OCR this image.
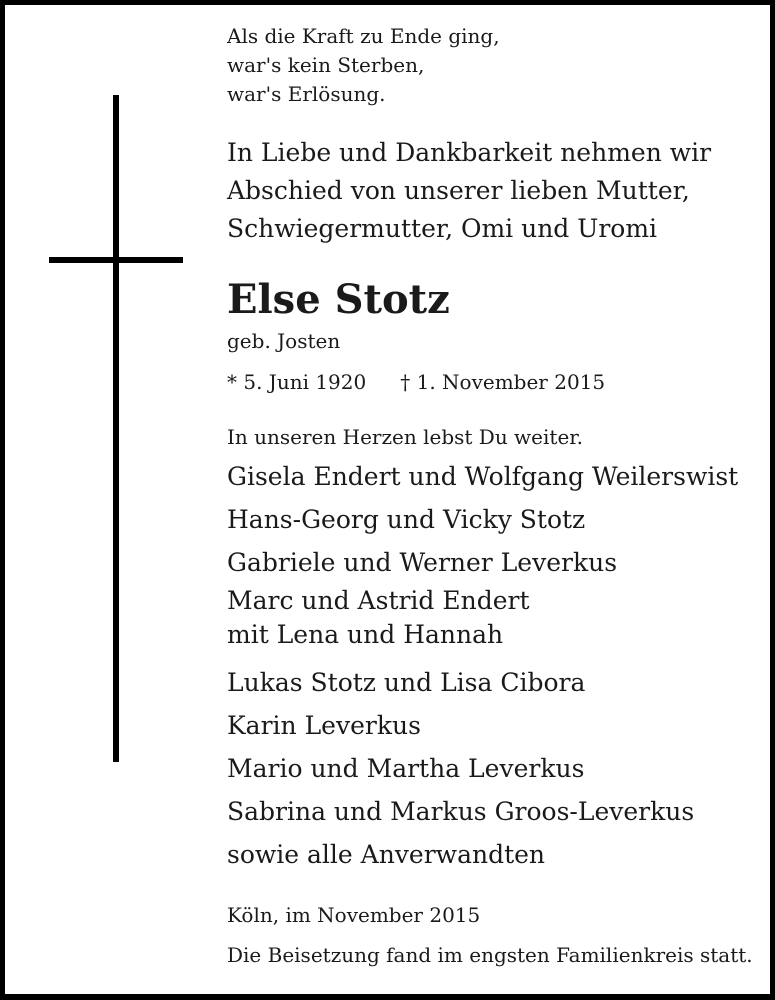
Als die Kraft zu Ende ging,
war's kein Sterben,
war's Erlösung.
In Liebe und Dankbarkeit nehmen wir
Abschied von unserer lieben Mutter,
Schwiegermutter, Omi und Uromi
Else Stotz
geb. Josten
* 5. Juni 1920 † 1. November 2015
In unseren Herzen lebst Du weiter.
Gisela Endert und Wolfgang Weilerswist
Hans-Georg und Vicky Stotz
Gabriele und Werner Leverkus
Marc und Astrid Endert
mit Lena und Hannah
Lukas Stotz und Lisa Cibora
Karin Leverkus
Mario und Martha Leverkus
Sabrina und Markus Groos-Leverkus
sowie alle Anverwandten
Köln, im November 2015
Die Beisetzung fand im engsten Familienkreis statt.
